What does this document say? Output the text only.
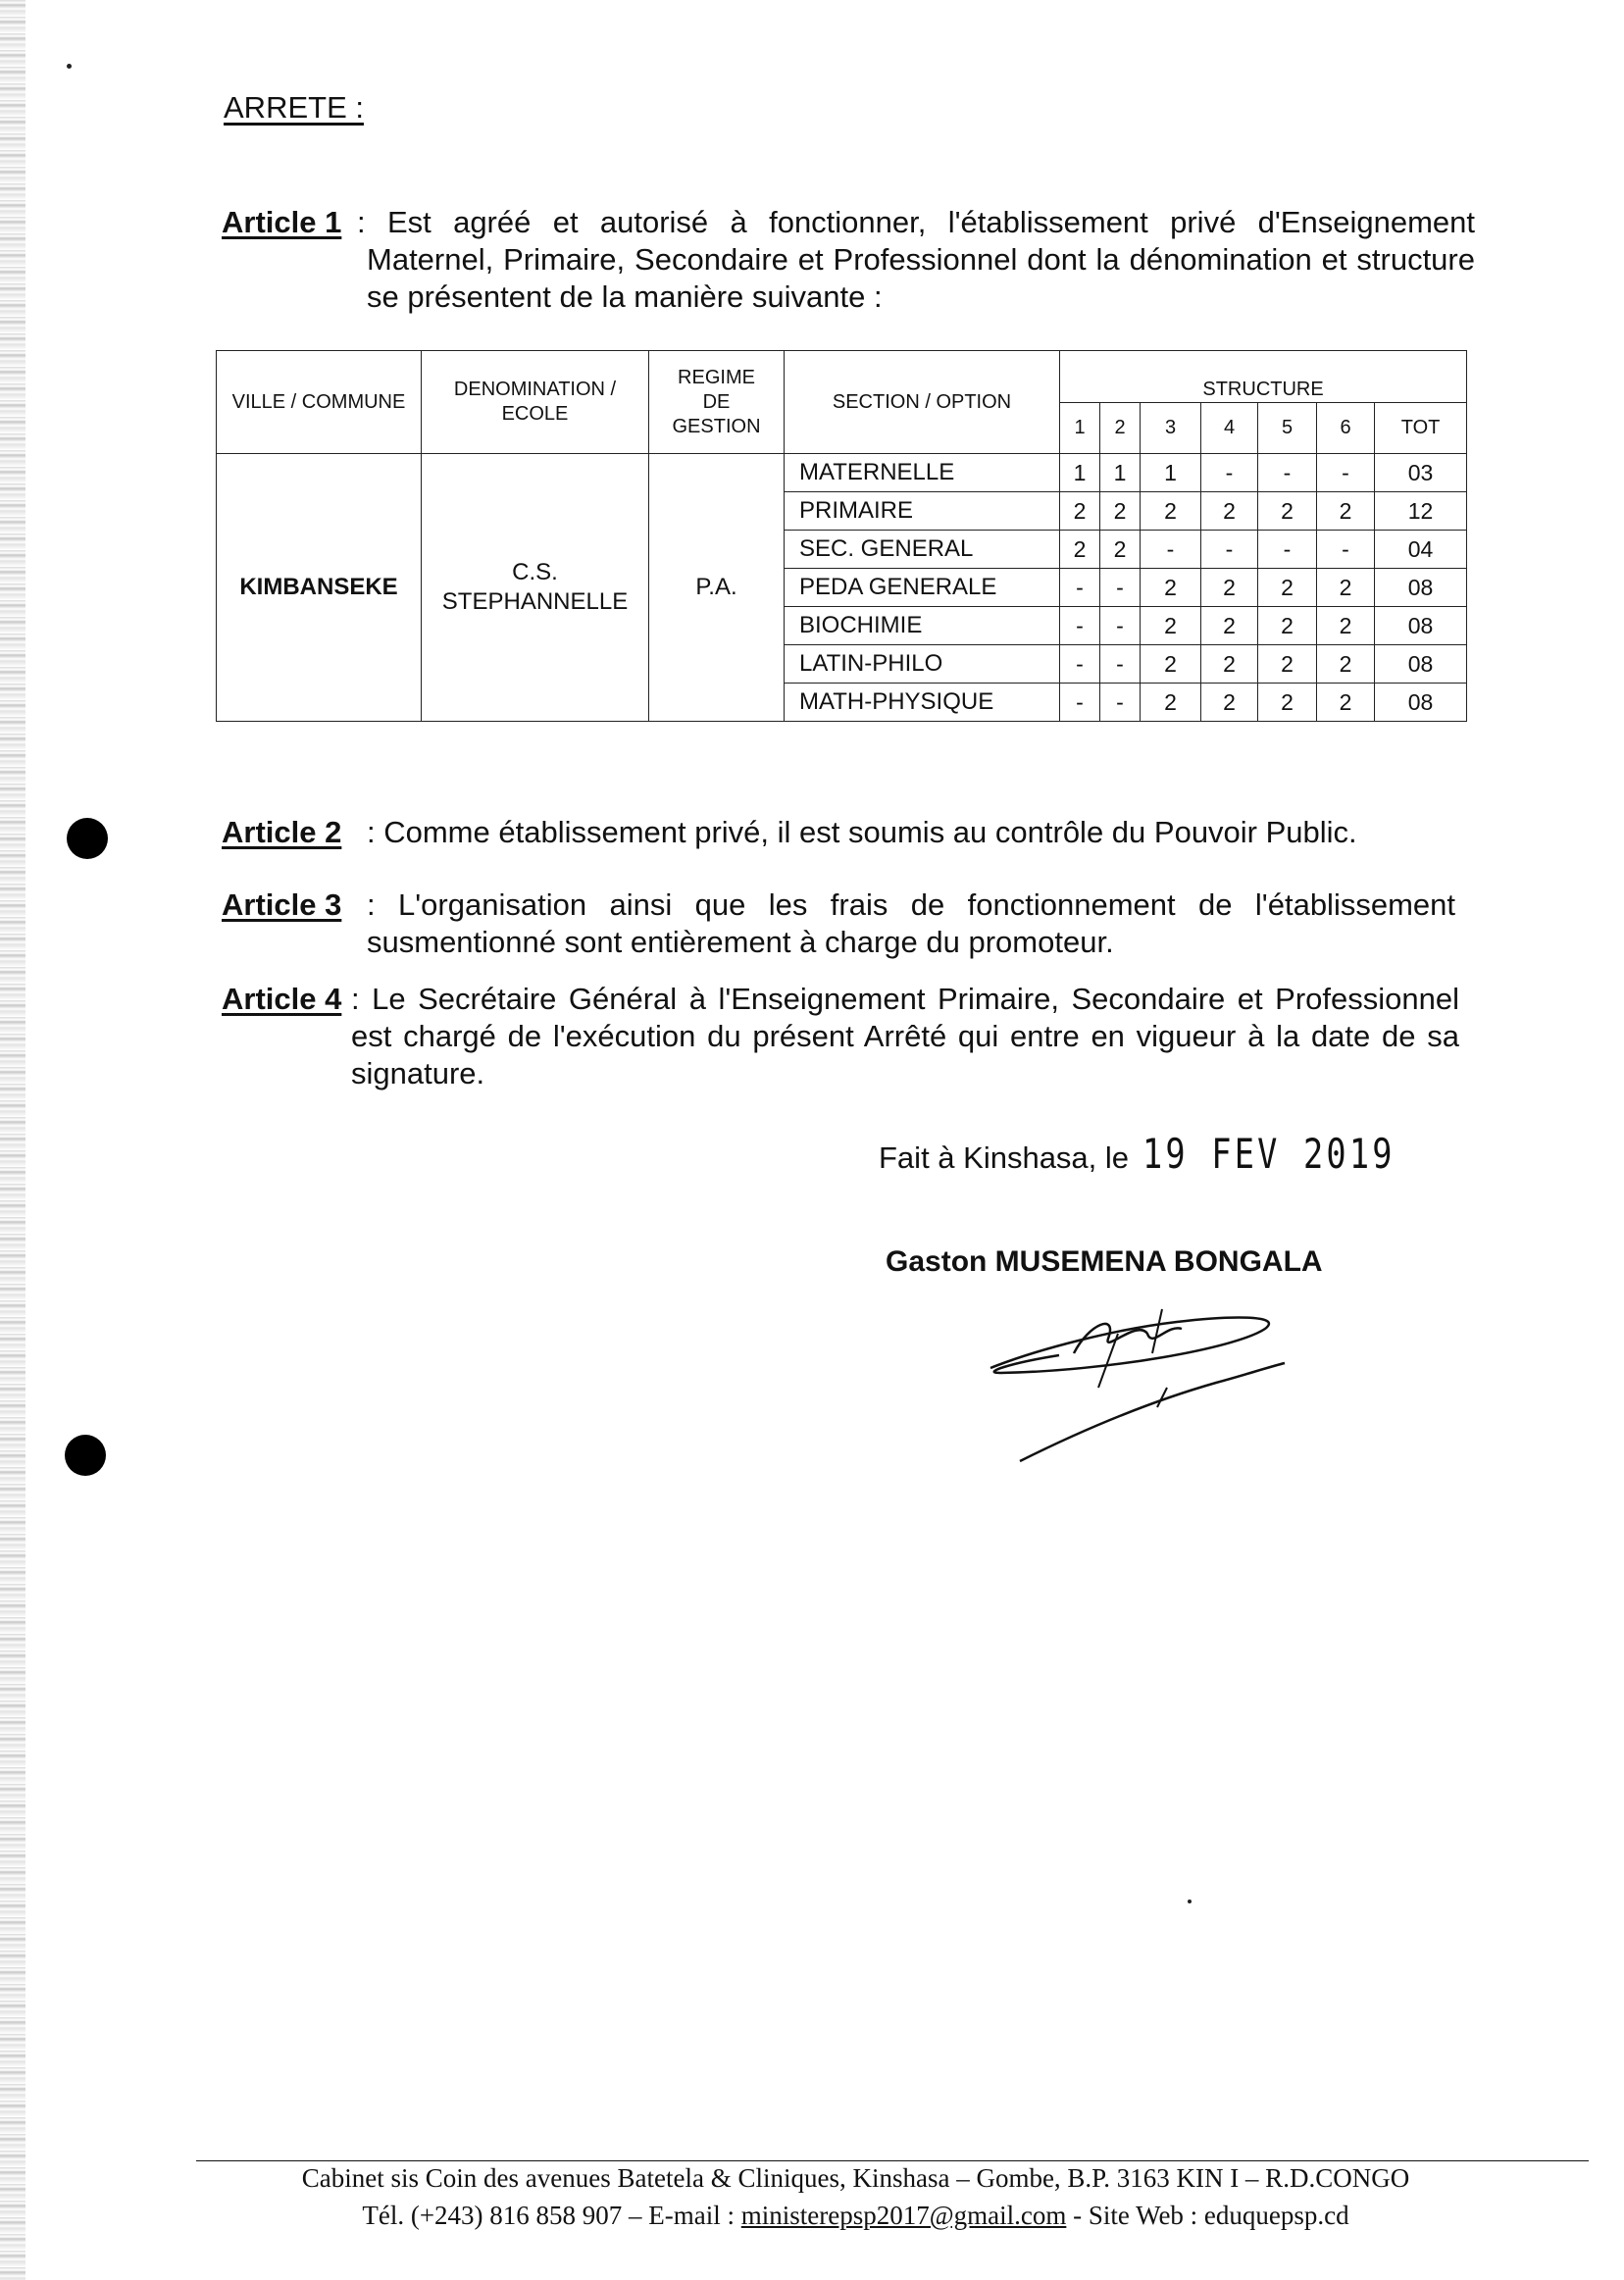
ARRETE :
Article 1 : Est agréé et autorisé à fonctionner, l'établissement privé d'Enseignement Maternel, Primaire, Secondaire et Professionnel dont la dénomination et structure se présentent de la manière suivante :
VILLE / COMMUNE	DENOMINATION / ECOLE	REGIME DE GESTION	SECTION / OPTION	STRUCTURE						
				1	2	3	4	5	6	TOT
KIMBANSEKE	C.S. STEPHANNELLE	P.A.	MATERNELLE	1	1	1	-	-	-	03
			PRIMAIRE	2	2	2	2	2	2	12
			SEC. GENERAL	2	2	-	-	-	-	04
			PEDA GENERALE	-	-	2	2	2	2	08
			BIOCHIMIE	-	-	2	2	2	2	08
			LATIN-PHILO	-	-	2	2	2	2	08
			MATH-PHYSIQUE	-	-	2	2	2	2	08
Article 2 : Comme établissement privé, il est soumis au contrôle du Pouvoir Public.
Article 3 : L'organisation ainsi que les frais de fonctionnement de l'établissement susmentionné sont entièrement à charge du promoteur.
Article 4 : Le Secrétaire Général à l'Enseignement Primaire, Secondaire et Professionnel est chargé de l'exécution du présent Arrêté qui entre en vigueur à la date de sa signature.
Fait à Kinshasa, le 19 FEV 2019
Gaston MUSEMENA BONGALA
Cabinet sis Coin des avenues Batetela & Cliniques, Kinshasa – Gombe, B.P. 3163 KIN I – R.D.CONGO
Tél. (+243) 816 858 907 – E-mail : ministerepsp2017@gmail.com - Site Web : eduquepsp.cd
